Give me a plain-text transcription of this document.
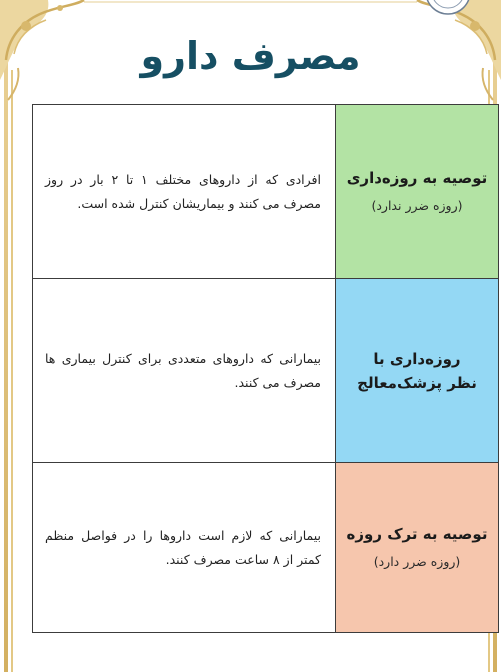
مصرف دارو
توصیه به روزه‌داری
(روزه ضرر ندارد)	افرادی که از داروهای مختلف ۱ تا ۲ بار در روز مصرف می کنند و بیماریشان کنترل شده است.

روزه‌داری با نظر پزشک‌معالج	بیمارانی که داروهای متعددی برای کنترل بیماری ها مصرف می کنند.

توصیه به ترک روزه
(روزه ضرر دارد)	بیمارانی که لازم است داروها را در فواصل منظم کمتر از ۸ ساعت مصرف کنند.
